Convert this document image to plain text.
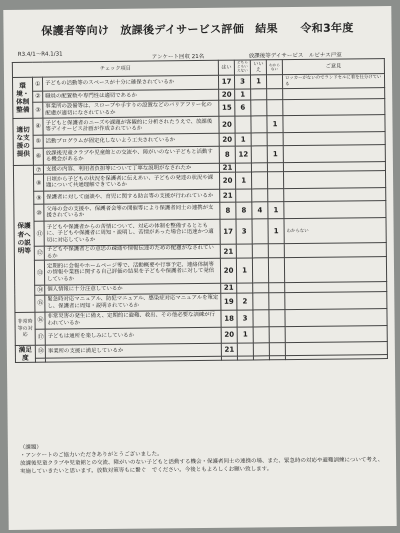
保護者等向け　放課後デイサービス評価　結果　　令和3年度
R3.4/1～R4.1/31	アンケート回収 21名	放課後等デイサービス　ルピナス戸室
チェック項目			はい	どちらともいえない	いいえ	わからない	ご意見
環境・体制整備	①	子どもの活動等のスペースが十分に確保されているか	17	3	1		ロッカーがないのでランドセルに着を仕分けている
	②	職員の配置数や専門性は適切であるか	20	1			
	③	事業所の設備等は、スロープや手すりの設置などのバリアフリー化の配慮が適切になされているか	15	6			
適切な支援の提供	④	子どもと保護者のニーズや課題が客観的に分析されたうえで、放課後等デイサービス計画が作成されているか	20			1	
	⑤	活動プログラムが固定化しないよう工夫されているか	20	1			
	⑥	放課後児童クラブや児童館との交流や、障がいのない子どもと活動する機会があるか	8	12		1	
保護者への説明等	⑦	支援の内容、利用者負担等について丁寧な説明がなされたか	21				
	⑧	日頃から子どもの状況を保護者に伝えあい、子どもの発達の状況や課題について共通理解できているか	20	1			
	⑨	保護者に対して面談や、育児に関する助言等の支援が行われているか	21				
	⑩	父母の会の支援や、保護者会等の開催等により保護者同士の連携が支援されているか	8	8	4	1	
	⑪	子どもや保護者からの苦情について、対応の体制を整備するとともに、子どもや保護者に周知・説明し、苦情があった場合に迅速かつ適切に対応しているか	17	3		1	わからない
	⑫	子どもや保護者との意思の疎通や情報伝達のための配慮がなされているか	21				
	⑬	定期的に会報やホームページ等で、活動概要や行事予定、連絡体制等の情報や業務に関する自己評価の結果を子どもや保護者に対して発信しているか	20	1			
	⑭	個人情報に十分注意しているか	21				
	⑮	緊急時対応マニュアル、防犯マニュアル、感染症対応マニュアルを策定し、保護者に周知・説明されているか	19	2			
非常時等の対応	⑯	非常災害の発生に備え、定期的に避難、救出、その他必要な訓練が行われているか	18	3			
	⑰	子どもは通所を楽しみにしているか	20	1			
満足度	⑱	事業所の支援に満足しているか	21				

（課題）

・アンケートのご協力いただきありがとうございました。

放課後児童クラブや児童館との交流、障がいのない子どもと活動する機会・保護者同士の連携の場、また、緊急時の対応や避難訓練について考え、実施していきたいと思います。放数対策等もに繋ぐ　でください。今後ともよろしくお願い致します。
